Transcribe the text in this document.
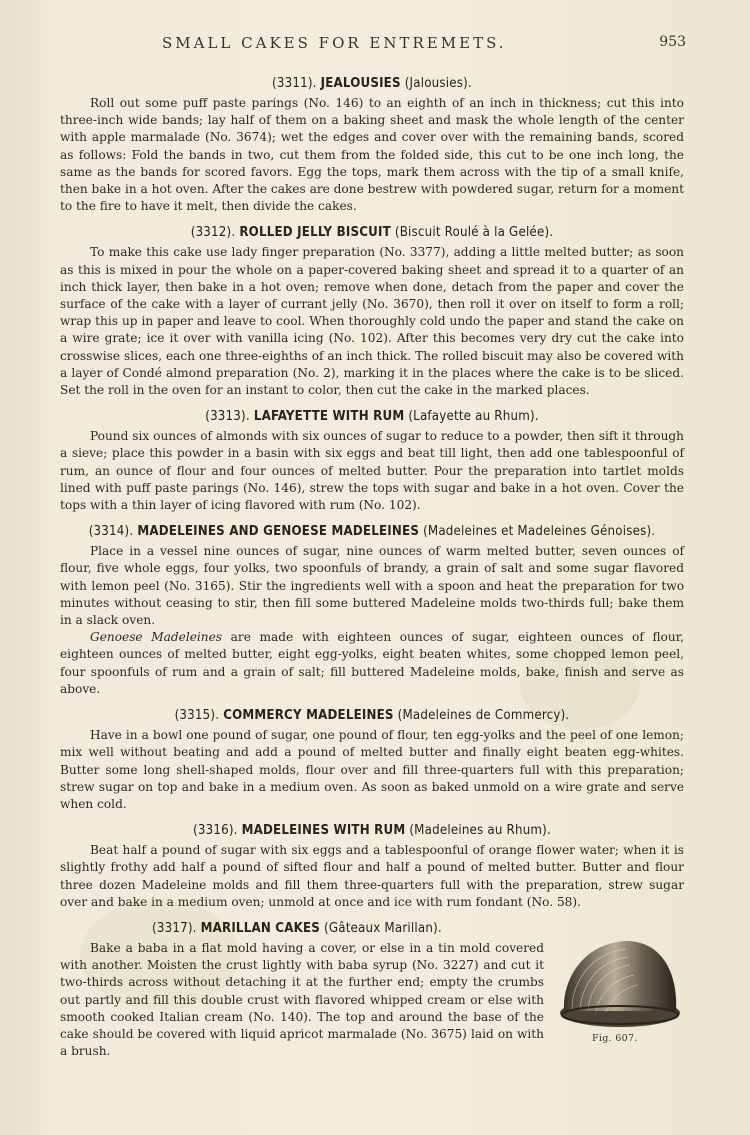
SMALL CAKES FOR ENTREMETS.	953
(3311). JEALOUSIES (Jalousies).

Roll out some puff paste parings (No. 146) to an eighth of an inch in thickness; cut this into three-inch wide bands; lay half of them on a baking sheet and mask the whole length of the center with apple marmalade (No. 3674); wet the edges and cover over with the remaining bands, scored as follows: Fold the bands in two, cut them from the folded side, this cut to be one inch long, the same as the bands for scored favors. Egg the tops, mark them across with the tip of a small knife, then bake in a hot oven. After the cakes are done bestrew with powdered sugar, return for a moment to the fire to have it melt, then divide the cakes.

(3312). ROLLED JELLY BISCUIT (Biscuit Roulé à la Gelée).

To make this cake use lady finger preparation (No. 3377), adding a little melted butter; as soon as this is mixed in pour the whole on a paper-covered baking sheet and spread it to a quarter of an inch thick layer, then bake in a hot oven; remove when done, detach from the paper and cover the surface of the cake with a layer of currant jelly (No. 3670), then roll it over on itself to form a roll; wrap this up in paper and leave to cool. When thoroughly cold undo the paper and stand the cake on a wire grate; ice it over with vanilla icing (No. 102). After this becomes very dry cut the cake into crosswise slices, each one three-eighths of an inch thick. The rolled biscuit may also be covered with a layer of Condé almond preparation (No. 2), marking it in the places where the cake is to be sliced. Set the roll in the oven for an instant to color, then cut the cake in the marked places.

(3313). LAFAYETTE WITH RUM (Lafayette au Rhum).

Pound six ounces of almonds with six ounces of sugar to reduce to a powder, then sift it through a sieve; place this powder in a basin with six eggs and beat till light, then add one tablespoonful of rum, an ounce of flour and four ounces of melted butter. Pour the preparation into tartlet molds lined with puff paste parings (No. 146), strew the tops with sugar and bake in a hot oven. Cover the tops with a thin layer of icing flavored with rum (No. 102).

(3314). MADELEINES AND GENOESE MADELEINES (Madeleines et Madeleines Génoises).

Place in a vessel nine ounces of sugar, nine ounces of warm melted butter, seven ounces of flour, five whole eggs, four yolks, two spoonfuls of brandy, a grain of salt and some sugar flavored with lemon peel (No. 3165). Stir the ingredients well with a spoon and heat the preparation for two minutes without ceasing to stir, then fill some buttered Madeleine molds two-thirds full; bake them in a slack oven.

Genoese Madeleines are made with eighteen ounces of sugar, eighteen ounces of flour, eighteen ounces of melted butter, eight egg-yolks, eight beaten whites, some chopped lemon peel, four spoonfuls of rum and a grain of salt; fill buttered Madeleine molds, bake, finish and serve as above.

(3315). COMMERCY MADELEINES (Madeleines de Commercy).

Have in a bowl one pound of sugar, one pound of flour, ten egg-yolks and the peel of one lemon; mix well without beating and add a pound of melted butter and finally eight beaten egg-whites. Butter some long shell-shaped molds, flour over and fill three-quarters full with this preparation; strew sugar on top and bake in a medium oven. As soon as baked unmold on a wire grate and serve when cold.

(3316). MADELEINES WITH RUM (Madeleines au Rhum).

Beat half a pound of sugar with six eggs and a tablespoonful of orange flower water; when it is slightly frothy add half a pound of sifted flour and half a pound of melted butter. Butter and flour three dozen Madeleine molds and fill them three-quarters full with the preparation, strew sugar over and bake in a medium oven; unmold at once and ice with rum fondant (No. 58).

Fig. 607.
(3317). MARILLAN CAKES (Gâteaux Marillan).

Bake a baba in a flat mold having a cover, or else in a tin mold covered with another. Moisten the crust lightly with baba syrup (No. 3227) and cut it two-thirds across without detaching it at the further end; empty the crumbs out partly and fill this double crust with flavored whipped cream or else with smooth cooked Italian cream (No. 140). The top and around the base of the cake should be covered with liquid apricot marmalade (No. 3675) laid on with a brush.
